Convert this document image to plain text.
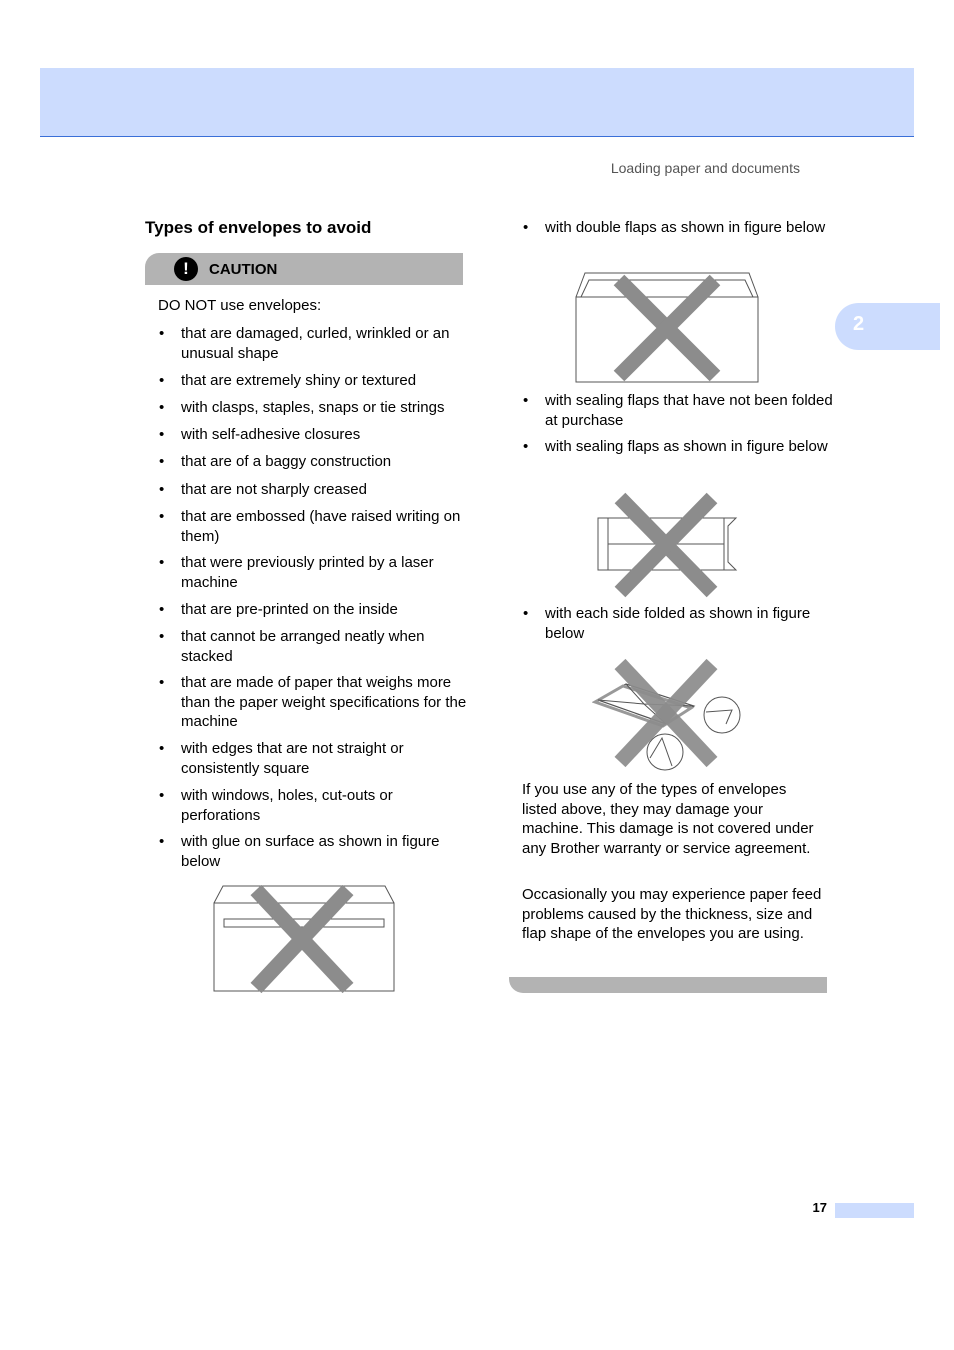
Loading paper and documents
2
Types of envelopes to avoid
!	CAUTION
DO NOT use envelopes:
• that are damaged, curled, wrinkled or an unusual shape
• that are extremely shiny or textured
• with clasps, staples, snaps or tie strings
• with self-adhesive closures
• that are of a baggy construction
• that are not sharply creased
• that are embossed (have raised writing on them)
• that were previously printed by a laser machine
• that are pre-printed on the inside
• that cannot be arranged neatly when stacked
• that are made of paper that weighs more than the paper weight specifications for the machine
• with edges that are not straight or consistently square
• with windows, holes, cut-outs or perforations
• with glue on surface as shown in figure below
• with double flaps as shown in figure below
• with sealing flaps that have not been folded at purchase
• with sealing flaps as shown in figure below
• with each side folded as shown in figure below
If you use any of the types of envelopes listed above, they may damage your machine. This damage is not covered under any Brother warranty or service agreement.
Occasionally you may experience paper feed problems caused by the thickness, size and flap shape of the envelopes you are using.
17
